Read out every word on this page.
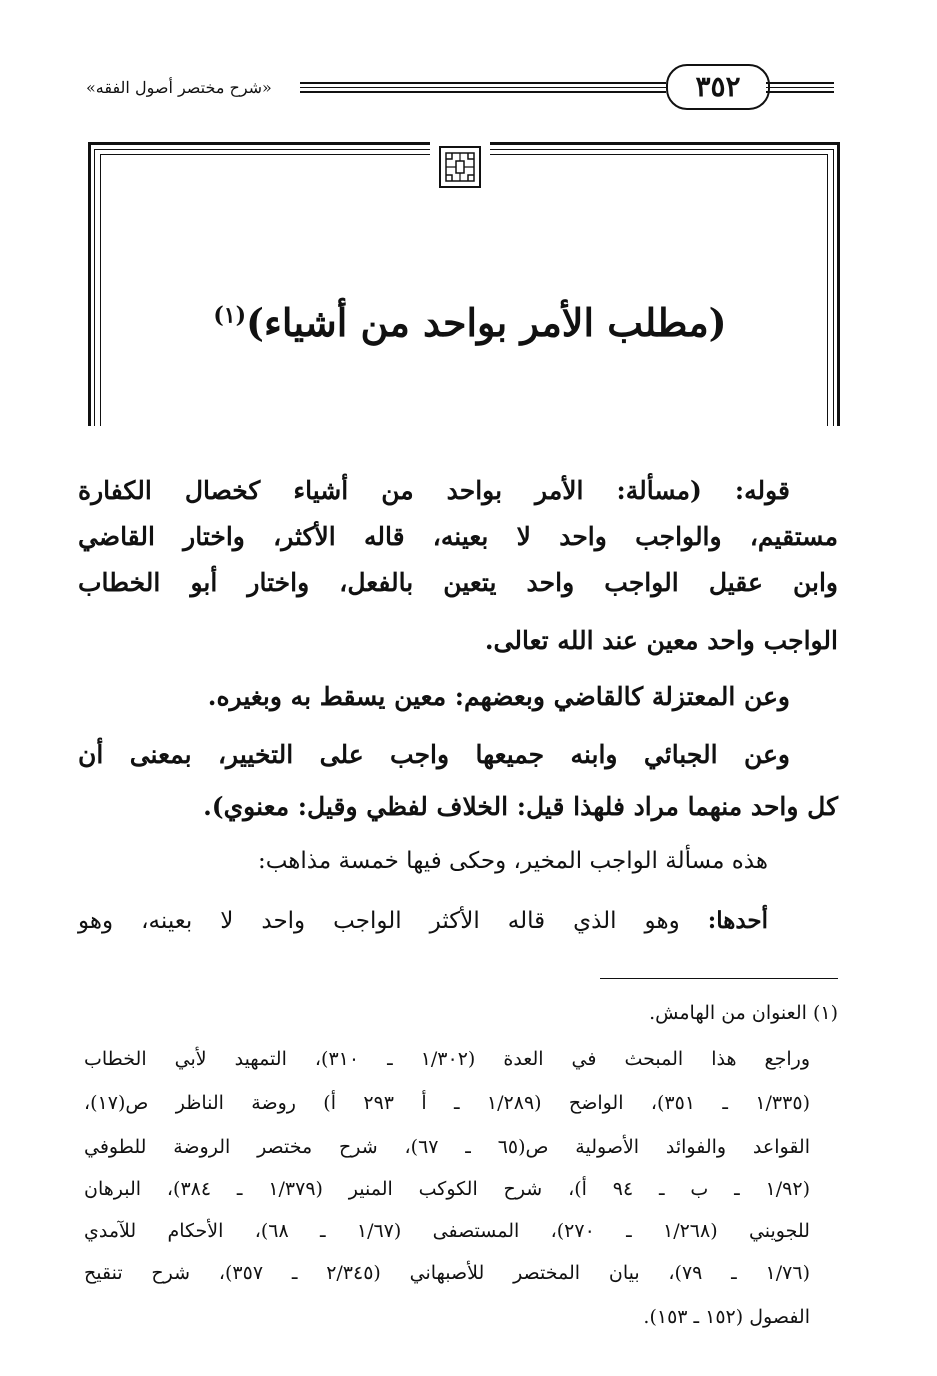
«شرح مختصر أصول الفقه»	٣٥٢
(مطلب الأمر بواحد من أشياء)$^{(١)}$
قوله: (مسألة: الأمر بواحد من أشياء كخصال الكفارة
مستقيم، والواجب واحد لا بعينه، قاله الأكثر، واختار القاضي
وابن عقيل الواجب واحد يتعين بالفعل، واختار أبو الخطاب
الواجب واحد معين عند الله تعالى.
وعن المعتزلة كالقاضي وبعضهم: معين يسقط به وبغيره.
وعن الجبائي وابنه جميعها واجب على التخيير، بمعنى أن
كل واحد منهما مراد فلهذا قيل: الخلاف لفظي وقيل: معنوي).
هذه مسألة الواجب المخير، وحكى فيها خمسة مذاهب:
أحدها: وهو الذي قاله الأكثر الواجب واحد لا بعينه، وهو
(١) العنوان من الهامش.
وراجع هذا المبحث في العدة (١/٣٠٢ ـ ٣١٠)، التمهيد لأبي الخطاب
(١/٣٣٥ ـ ٣٥١)، الواضح (١/٢٨٩ ـ أ ٢٩٣ أ) روضة الناظر ص(١٧)،
القواعد والفوائد الأصولية ص(٦٥ ـ ٦٧)، شرح مختصر الروضة للطوفي
(١/٩٢ ـ ب ـ ٩٤ أ)، شرح الكوكب المنير (١/٣٧٩ ـ ٣٨٤)، البرهان
للجويني (١/٢٦٨ ـ ٢٧٠)، المستصفى (١/٦٧ ـ ٦٨)، الأحكام للآمدي
(١/٧٦ ـ ٧٩)، بيان المختصر للأصبهاني (٢/٣٤٥ ـ ٣٥٧)، شرح تنقيح
الفصول (١٥٢ ـ ١٥٣).
